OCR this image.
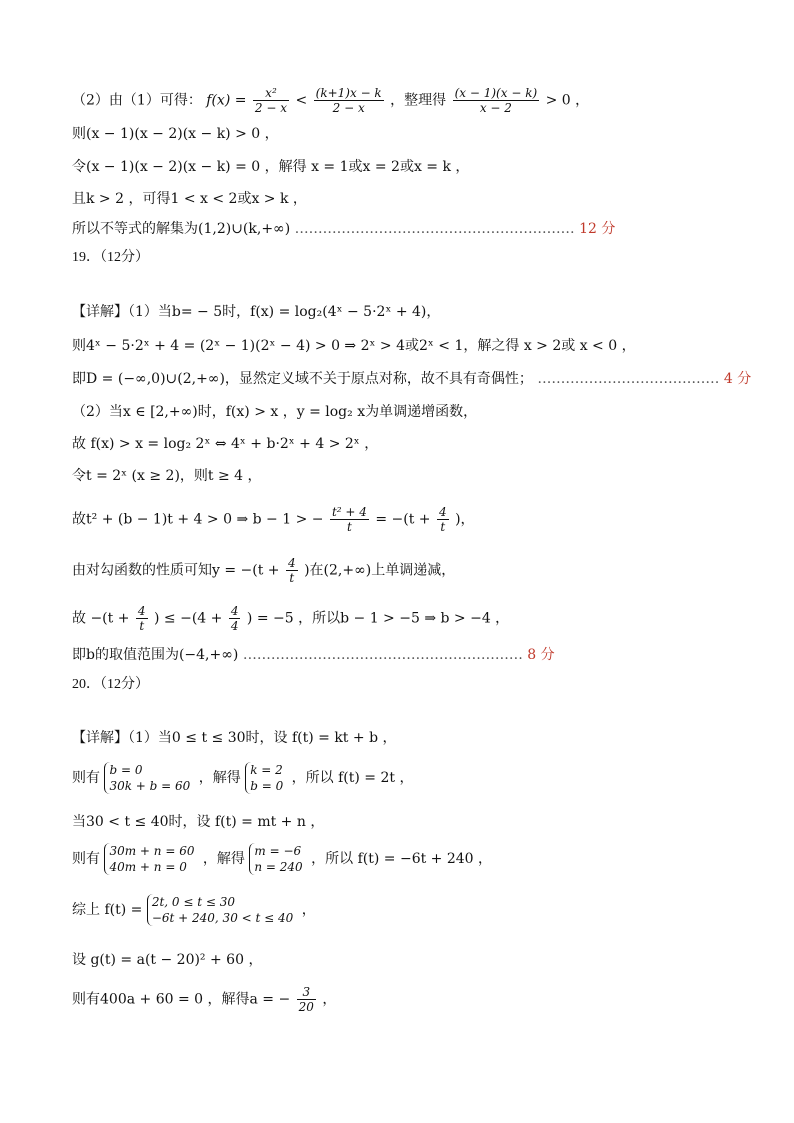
（2）由（1）可得： $f(x) = \frac{\text{x²}}{2 - x} < \frac{(k+1)x - k}{2 - x}$ ，整理得 $\frac{(x - 1)(x - k)}{x - 2} > 0$ ，
则(x − 1)(x − 2)(x − k) > 0 ，
令(x − 1)(x − 2)(x − k) = 0 ，解得 x = 1或x = 2或x = k ，
且k > 2 ，可得1 < x < 2或x > k ，
所以不等式的解集为(1,2)∪(k,+∞) …………………………………………………… 12 分
19．（12分）
【详解】（1）当b= − 5时，f(x) = log₂(4ˣ − 5·2ˣ + 4)，
则4ˣ − 5·2ˣ + 4 = (2ˣ − 1)(2ˣ − 4) > 0 ⇒ 2ˣ > 4或2ˣ < 1，解之得 x > 2或 x < 0 ，
即D = (−∞,0)∪(2,+∞)，显然定义域不关于原点对称，故不具有奇偶性； ………………………………… 4 分
（2）当x ∈ [2,+∞)时，f(x) > x ，y = log₂ x为单调递增函数，
故 f(x) > x = log₂ 2ˣ ⇔ 4ˣ + b·2ˣ + 4 > 2ˣ ，
令t = 2ˣ (x ≥ 2)，则t ≥ 4 ，
故t² + (b − 1)t + 4 > 0 ⇒ b − 1 > − $\frac{\text{t² + 4}}{t} = -(t + \frac{4}{t}$ )，
由对勾函数的性质可知$y = -(t + \frac{4}{t}$ )在(2,+∞)上单调递减，
故 $-(t + \frac{4}{t}$ ) ≤ $-(4 + \frac{4}{4}$ ) = −5 ，所以b − 1 > −5 ⇒ b > −4 ，
即b的取值范围为(−4,+∞) …………………………………………………… 8 分
20．（12分）
【详解】（1）当0 ≤ t ≤ 30时，设 f(t) = kt + b ，
则有 b = 0
30k + b = 60 ，解得 k = 2
b = 0 ，所以 f(t) = 2t ，
当30 < t ≤ 40时，设 f(t) = mt + n ，
则有 30m + n = 60
40m + n = 0	，解得 m = −6
n = 240 ，所以 f(t) = −6t + 240 ，
综上 f(t) = 2t, 0 ≤ t ≤ 30
−6t + 240, 30 < t ≤ 40 ，
设 g(t) = a(t − 20)² + 60 ，
则有400a + 60 = 0 ，解得a = − $\frac{3}{20}$ ，
